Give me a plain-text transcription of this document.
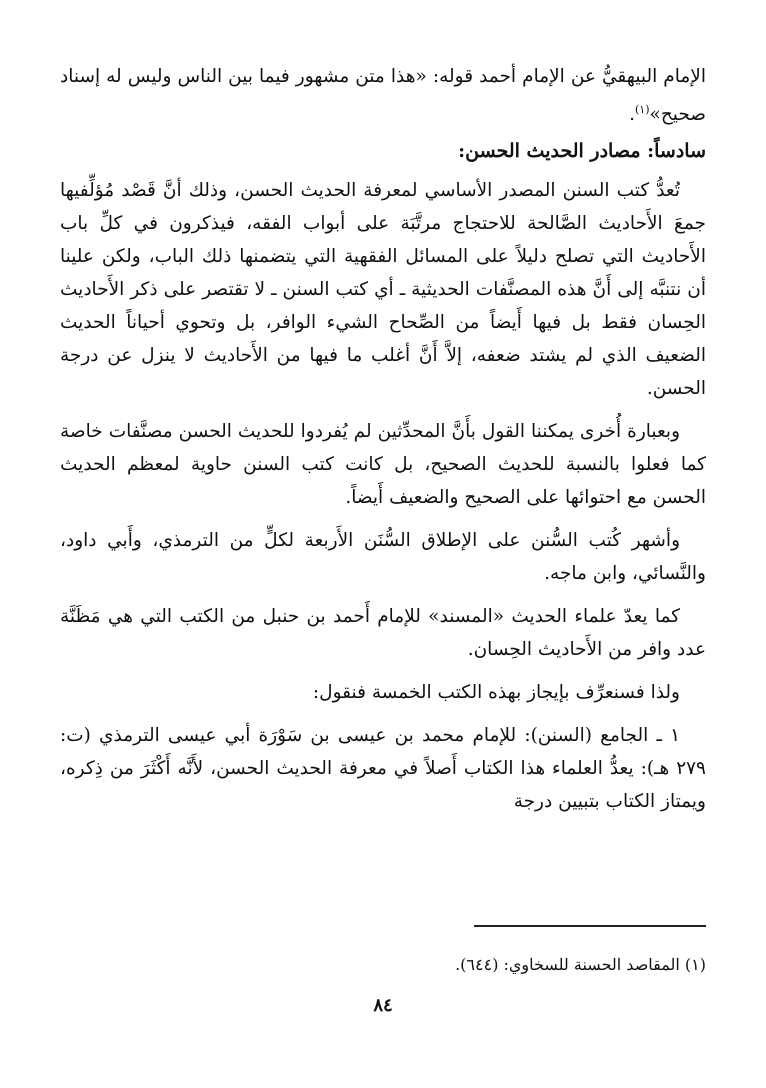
الإمام البيهقيُّ عن الإمام أحمد قوله: «هذا متن مشهور فيما بين الناس وليس له إسناد صحيح»$^{(١)}$.

سادساً: مصادر الحديث الحسن:

تُعدُّ كتب السنن المصدر الأساسي لمعرفة الحديث الحسن، وذلك أنَّ قَصْد مُؤلِّفيها جمعَ الأَحاديث الصَّالحة للاحتجاج مرتَّبَة على أبواب الفقه، فيذكرون في كلِّ باب الأَحاديث التي تصلح دليلاً على المسائل الفقهية التي يتضمنها ذلك الباب، ولكن علينا أن نتنبَّه إلى أَنَّ هذه المصنَّفات الحديثية ـ أي كتب السنن ـ لا تقتصر على ذكر الأَحاديث الحِسان فقط بل فيها أَيضاً من الصِّحاح الشيء الوافر، بل وتحوي أحياناً الحديث الضعيف الذي لم يشتد ضعفه، إلاَّ أَنَّ أغلب ما فيها من الأَحاديث لا ينزل عن درجة الحسن.

وبعبارة أُخرى يمكننا القول بأَنَّ المحدِّثين لم يُفردوا للحديث الحسن مصنَّفات خاصة كما فعلوا بالنسبة للحديث الصحيح، بل كانت كتب السنن حاوية لمعظم الحديث الحسن مع احتوائها على الصحيح والضعيف أَيضاً.

وأشهر كُتب السُّنن على الإطلاق السُّنَن الأَربعة لكلٍّ من الترمذي، وأَبي داود، والنَّسائي، وابن ماجه.

كما يعدّ علماء الحديث «المسند» للإمام أَحمد بن حنبل من الكتب التي هي مَظَنَّة عدد وافر من الأَحاديث الحِسان.

ولذا فسنعرِّف بإيجاز بهذه الكتب الخمسة فنقول:

١ ـ الجامع (السنن): للإمام محمد بن عيسى بن سَوْرَة أبي عيسى الترمذي (ت: ٢٧٩ هـ): يعدُّ العلماء هذا الكتاب أَصلاً في معرفة الحديث الحسن، لأَنَّه أَكْثَرَ من ذِكره، ويمتاز الكتاب بتبيين درجة

(١) المقاصد الحسنة للسخاوي: (٦٤٤).
٨٤
